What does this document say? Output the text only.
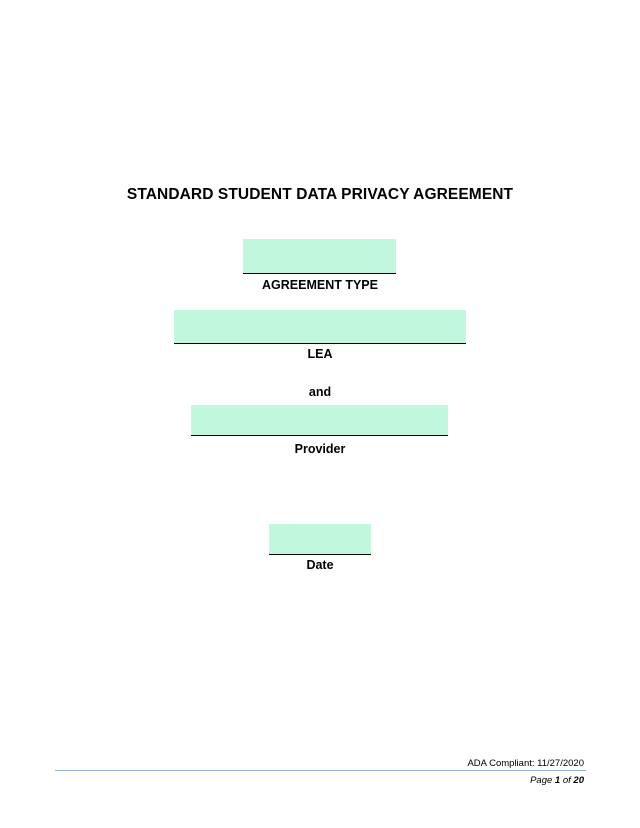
STANDARD STUDENT DATA PRIVACY AGREEMENT
AGREEMENT TYPE
LEA
and
Provider
Date
ADA Compliant: 11/27/2020
Page 1 of 20
